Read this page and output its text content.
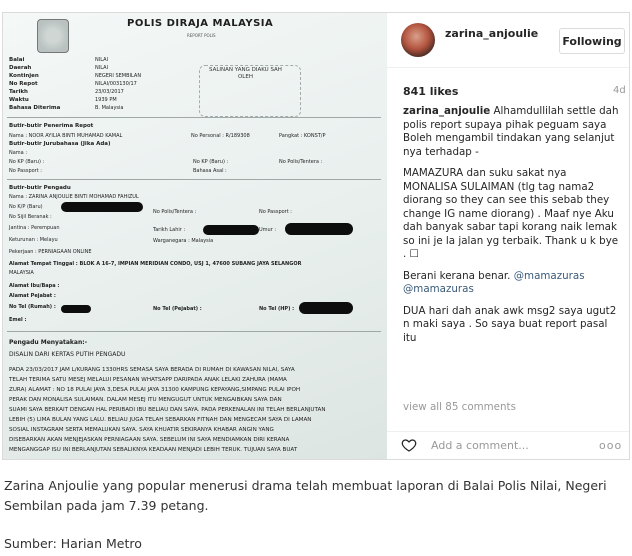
POLIS DIRAJA MALAYSIA
REPORT POLIS
SALINAN YANG DIAKU SAH
OLEH
Balai	NILAI
Daerah	NILAI
Kontinjen	NEGERI SEMBILAN
No Repot	NILAI/003130/17
Tarikh	23/03/2017
Waktu	1939 PM
Bahasa Diterima	B. Malaysia
Butir-butir Penerima Repot
Nama : NOOR AYILIA BINTI MUHAMAD KAMAL	No Personal : R/189308	Pangkat : KONST/P
Butir-butir Jurubahasa (Jika Ada)
Nama :
No KP (Baru) :
No Passport :
No KP (Baru) :
Bahasa Asal :
No Polis/Tentera :
Butir-butir Pengadu
Nama : ZARINA ANJOULIE BINTI MOHAMAD FAHIZUL
No K/P (Baru)
No Sijil Beranak :
Jantina : Perempuan
Keturunan : Melayu
Pekerjaan : PERNIAGAAN ONLINE
No Polis/Tentera :
Tarikh Lahir :
Warganegara : Malaysia
No Passport :
Umur :
Alamat Tempat Tinggal : BLOK A 16-7, IMPIAN MERIDIAN CONDO, USJ 1, 47600 SUBANG JAYA SELANGOR
MALAYSIA
Alamat Ibu/Bapa :
Alamat Pejabat :
No Tel (Rumah) :	No Tel (Pejabat) :	No Tel (HP) :
Emel :
Pengadu Menyatakan:-
DISALIN DARI KERTAS PUTIH PENGADU
PADA 23/03/2017 JAM L/KURANG 1330HRS SEMASA SAYA BERADA DI RUMAH DI KAWASAN NILAI, SAYA
TELAH TERIMA SATU MESEJ MELALUI PESANAN WHATSAPP DARIPADA ANAK LELAKI ZAHURA (MAMA
ZURA) ALAMAT : NO 18 PULAI JAYA 3,DESA PULAI JAYA 31300 KAMPUNG KEPAYANG,SIMPANG PULAI IPOH
PERAK DAN MONALISA SULAIMAN. DALAM MESEJ ITU MENGUGUT UNTUK MENGAIBKAN SAYA DAN
SUAMI SAYA BERKAIT DENGAN HAL PERIBADI IBU BELIAU DAN SAYA. PADA PERKENALAN INI TELAH BERLANJUTAN
LEBIH (5) LIMA BULAN YANG LALU. BELIAU JUGA TELAH SEBARKAN FITNAH DAN MENGECAM SAYA DI LAMAN
SOSIAL INSTAGRAM SERTA MEMALUKAN SAYA. SAYA KHUATIR SEKIRANYA KHABAR ANGIN YANG
DISEBARKAN AKAN MENJEJASKAN PERNIAGAAN SAYA. SEBELUM INI SAYA MENDIAMKAN DIRI KERANA
MENGANGGAP ISU INI BERLANJUTAN SEBALIKNYA KEADAAN MENJADI LEBIH TERUK. TUJUAN SAYA BUAT
zarina_anjoulie
Following
841 likes	4d

zarina_anjoulie Alhamdullilah settle dah polis report supaya pihak peguam saya Boleh mengambil tindakan yang selanjut nya terhadap -

MAMAZURA dan suku sakat nya MONALISA SULAIMAN (tlg tag nama2 diorang so they can see this sebab they change IG name diorang) . Maaf nye Aku dah banyak sabar tapi korang naik lemak so ini je la jalan yg terbaik. Thank u k bye . ☐

Berani kerana benar. @mamazuras
@mamazuras

DUA hari dah anak awk msg2 saya ugut2 n maki saya . So saya buat report pasal itu

view all 85 comments
Add a comment...	ooo
Zarina Anjoulie yang popular menerusi drama telah membuat laporan di Balai Polis Nilai, Negeri Sembilan pada jam 7.39 petang.
Sumber: Harian Metro
